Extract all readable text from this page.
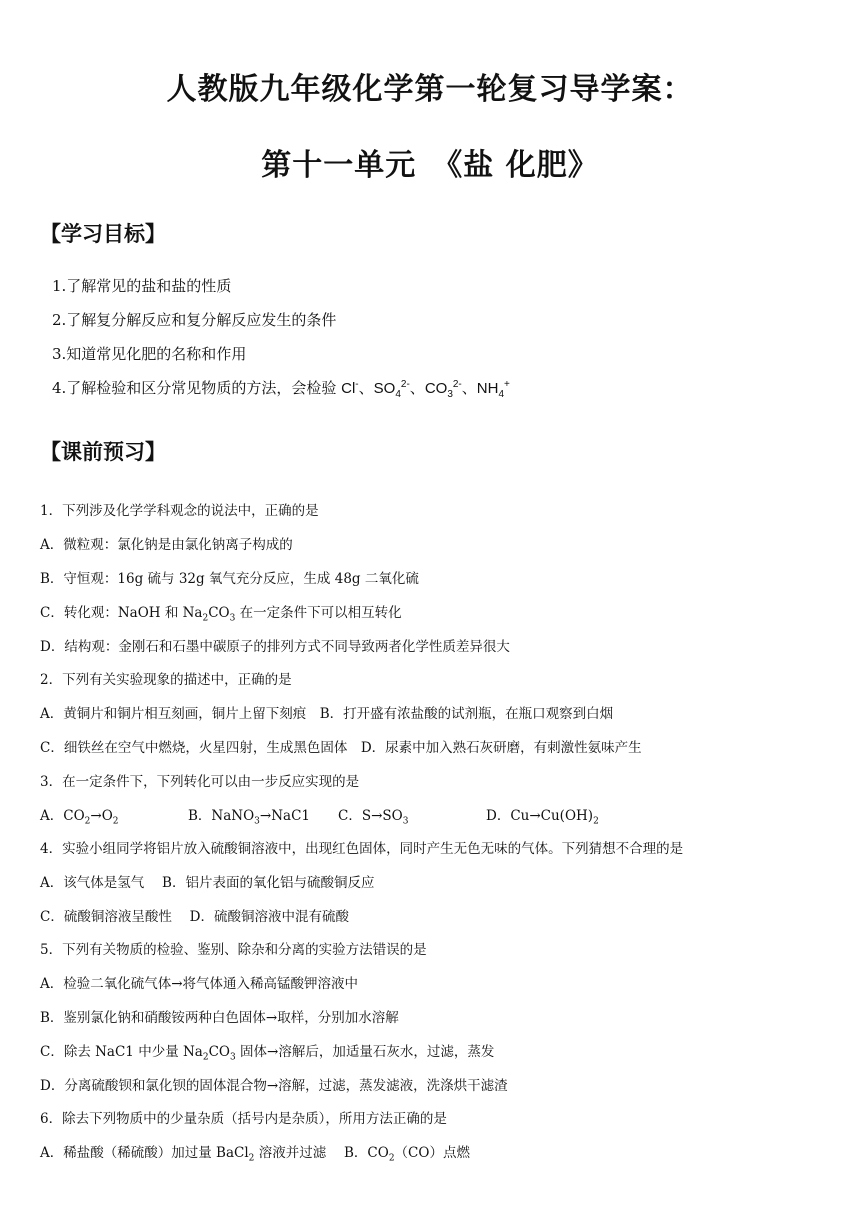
人教版九年级化学第一轮复习导学案：
第十一单元　《盐 化肥》
【学习目标】
1.了解常见的盐和盐的性质
2.了解复分解反应和复分解反应发生的条件
3.知道常见化肥的名称和作用
4.了解检验和区分常见物质的方法，会检验 Cl-、$SO_4^{2-}$、$CO_3^{2-}$、$NH_4^+$
【课前预习】
1．下列涉及化学学科观念的说法中，正确的是
A．微粒观：氯化钠是由氯化钠离子构成的
B．守恒观：16g 硫与 32g 氧气充分反应，生成 48g 二氧化硫
C．转化观：NaOH 和 $Na_2CO_3$ 在一定条件下可以相互转化
D．结构观：金刚石和石墨中碳原子的排列方式不同导致两者化学性质差异很大
2．下列有关实验现象的描述中，正确的是
A．黄铜片和铜片相互刻画，铜片上留下刻痕　B．打开盛有浓盐酸的试剂瓶，在瓶口观察到白烟
C．细铁丝在空气中燃烧，火星四射，生成黑色固体　D．尿素中加入熟石灰研磨，有刺激性氨味产生
3．在一定条件下，下列转化可以由一步反应实现的是
A．$CO_2\to O_2$	B．NaNO$_3$→NaC1 C．$S\to SO_3$	D．$Cu\to Cu(OH)_2$
4．实验小组同学将铝片放入硫酸铜溶液中，出现红色固体，同时产生无色无味的气体。下列猜想不合理的是
A．该气体是氢气　 B．铝片表面的氧化铝与硫酸铜反应
C．硫酸铜溶液呈酸性　 D．硫酸铜溶液中混有硫酸
5．下列有关物质的检验、鉴别、除杂和分离的实验方法错误的是
A．检验二氧化硫气体→将气体通入稀高锰酸钾溶液中
B．鉴别氯化钠和硝酸铵两种白色固体→取样，分别加水溶解
C．除去 NaC1 中少量 $Na_2CO_3$ 固体→溶解后，加适量石灰水，过滤，蒸发
D．分离硫酸钡和氯化钡的固体混合物→溶解，过滤，蒸发滤液，洗涤烘干滤渣
6．除去下列物质中的少量杂质（括号内是杂质），所用方法正确的是
A．稀盐酸（稀硫酸）加过量 BaCl$_2$ 溶液并过滤　 B．$CO_2(CO)$点燃
